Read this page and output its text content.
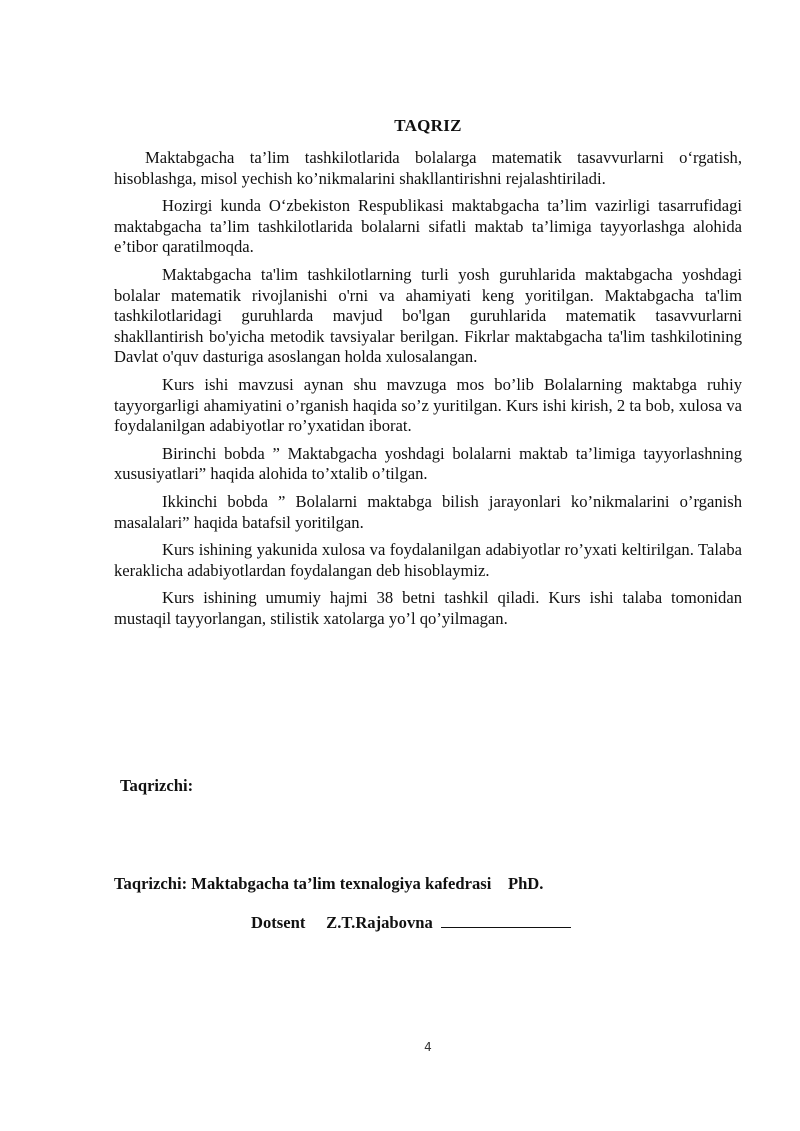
TAQRIZ

Maktabgacha ta’lim tashkilotlarida bolalarga matematik tasavvurlarni o‘rgatish, hisoblashga, misol yechish ko’nikmalarini shakllantirishni rejalashtiriladi.

Hozirgi kunda O‘zbekiston Respublikasi maktabgacha ta’lim vazirligi tasarrufidagi maktabgacha ta’lim tashkilotlarida bolalarni sifatli maktab ta’limiga tayyorlashga alohida e’tibor qaratilmoqda.

Maktabgacha ta'lim tashkilotlarning turli yosh guruhlarida maktabgacha yoshdagi bolalar matematik rivojlanishi o'rni va ahamiyati keng yoritilgan. Maktabgacha ta'lim tashkilotlaridagi guruhlarda mavjud bo'lgan guruhlarida matematik tasavvurlarni shakllantirish bo'yicha metodik tavsiyalar berilgan. Fikrlar maktabgacha ta'lim tashkilotining Davlat o'quv dasturiga asoslangan holda xulosalangan.

Kurs ishi mavzusi aynan shu mavzuga mos bo’lib Bolalarning maktabga ruhiy tayyorgarligi ahamiyatini o’rganish haqida so’z yuritilgan. Kurs ishi kirish, 2 ta bob, xulosa va foydalanilgan adabiyotlar ro’yxatidan iborat.

Birinchi bobda ” Maktabgacha yoshdagi bolalarni maktab ta’limiga tayyorlashning xususiyatlari” haqida alohida to’xtalib o’tilgan.

Ikkinchi bobda ” Bolalarni maktabga bilish jarayonlari ko’nikmalarini o’rganish masalalari” haqida batafsil yoritilgan.

Kurs ishining yakunida xulosa va foydalanilgan adabiyotlar ro’yxati keltirilgan. Talaba keraklicha adabiyotlardan foydalangan deb hisoblaymiz.

Kurs ishining umumiy hajmi 38 betni tashkil qiladi. Kurs ishi talaba tomonidan mustaqil tayyorlangan, stilistik xatolarga yo’l qo’yilmagan.

Taqrizchi:
Taqrizchi: Maktabgacha ta’lim texnalogiya kafedrasi    PhD.
Dotsent     Z.T.Rajabovna
4
